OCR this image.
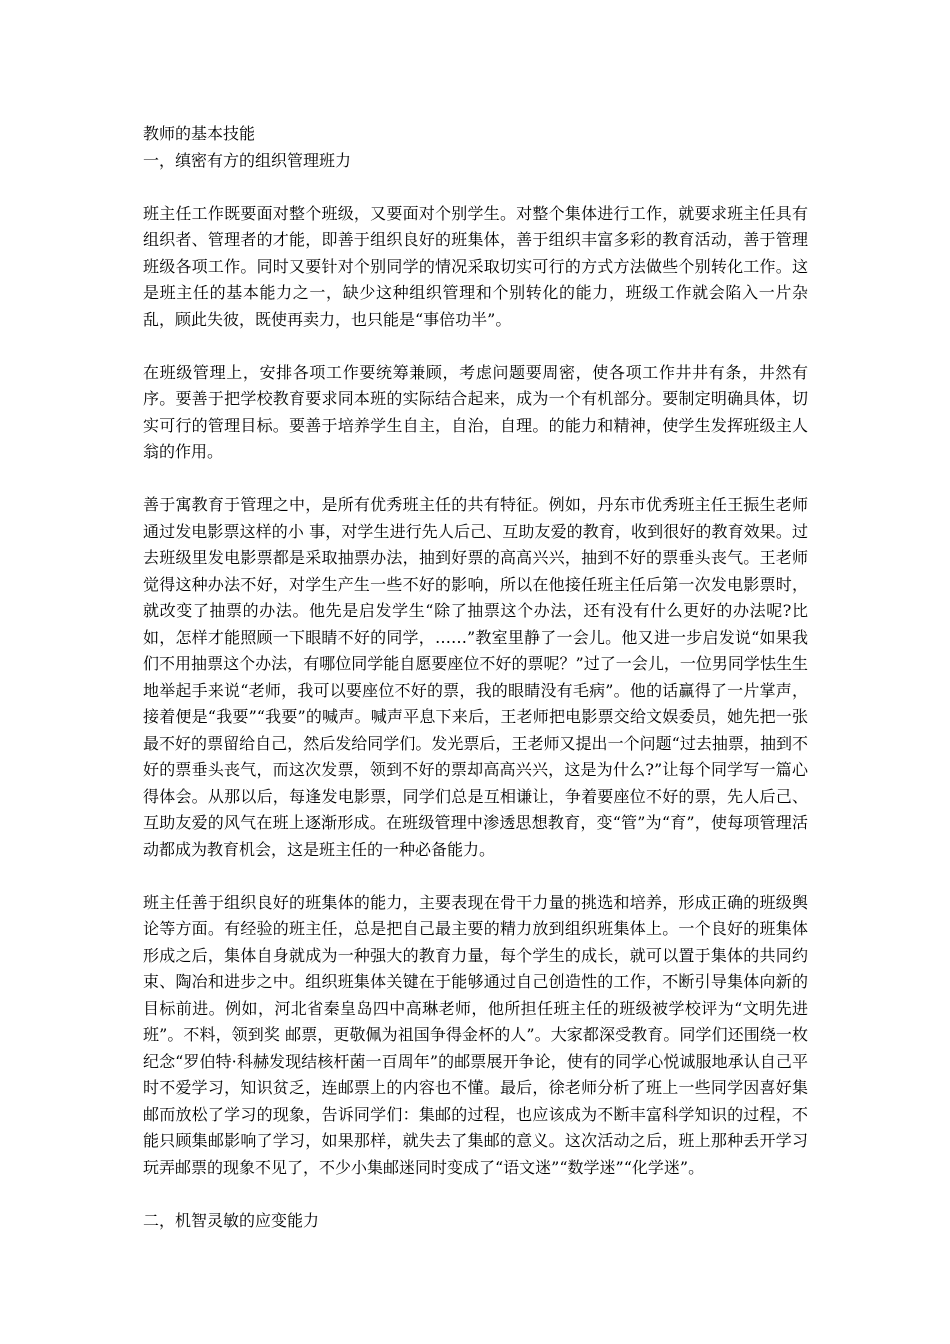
教师的基本技能

一，缜密有方的组织管理班力

班主任工作既要面对整个班级，又要面对个别学生。对整个集体进行工作，就要求班主任具有组织者、管理者的才能，即善于组织良好的班集体，善于组织丰富多彩的教育活动，善于管理班级各项工作。同时又要针对个别同学的情况采取切实可行的方式方法做些个别转化工作。这是班主任的基本能力之一，缺少这种组织管理和个别转化的能力，班级工作就会陷入一片杂乱，顾此失彼，既使再卖力，也只能是“事倍功半”。

在班级管理上，安排各项工作要统筹兼顾，考虑问题要周密，使各项工作井井有条，井然有序。要善于把学校教育要求同本班的实际结合起来，成为一个有机部分。要制定明确具体，切实可行的管理目标。要善于培养学生自主，自治，自理。的能力和精神，使学生发挥班级主人翁的作用。

善于寓教育于管理之中，是所有优秀班主任的共有特征。例如，丹东市优秀班主任王振生老师通过发电影票这样的小 事，对学生进行先人后己、互助友爱的教育，收到很好的教育效果。过去班级里发电影票都是采取抽票办法，抽到好票的高高兴兴，抽到不好的票垂头丧气。王老师觉得这种办法不好，对学生产生一些不好的影响，所以在他接任班主任后第一次发电影票时，就改变了抽票的办法。他先是启发学生“除了抽票这个办法，还有没有什么更好的办法呢?比如，怎样才能照顾一下眼睛不好的同学，……”教室里静了一会儿。他又进一步启发说“如果我们不用抽票这个办法，有哪位同学能自愿要座位不好的票呢？”过了一会儿，一位男同学怯生生地举起手来说“老师，我可以要座位不好的票，我的眼睛没有毛病”。他的话赢得了一片掌声，接着便是“我要”“我要”的喊声。喊声平息下来后，王老师把电影票交给文娱委员，她先把一张最不好的票留给自己，然后发给同学们。发光票后，王老师又提出一个问题“过去抽票，抽到不好的票垂头丧气，而这次发票，领到不好的票却高高兴兴，这是为什么?”让每个同学写一篇心得体会。从那以后，每逢发电影票，同学们总是互相谦让，争着要座位不好的票，先人后己、互助友爱的风气在班上逐渐形成。在班级管理中渗透思想教育，变“管”为“育”，使每项管理活动都成为教育机会，这是班主任的一种必备能力。

班主任善于组织良好的班集体的能力，主要表现在骨干力量的挑选和培养，形成正确的班级舆论等方面。有经验的班主任，总是把自己最主要的精力放到组织班集体上。一个良好的班集体形成之后，集体自身就成为一种强大的教育力量，每个学生的成长，就可以置于集体的共同约束、陶冶和进步之中。组织班集体关键在于能够通过自己创造性的工作，不断引导集体向新的目标前进。例如，河北省秦皇岛四中高琳老师，他所担任班主任的班级被学校评为“文明先进班”。不料，领到奖 邮票，更敬佩为祖国争得金杯的人”。大家都深受教育。同学们还围绕一枚纪念“罗伯特·科赫发现结核杆菌一百周年”的邮票展开争论，使有的同学心悦诚服地承认自己平时不爱学习，知识贫乏，连邮票上的内容也不懂。最后，徐老师分析了班上一些同学因喜好集邮而放松了学习的现象，告诉同学们：集邮的过程，也应该成为不断丰富科学知识的过程，不能只顾集邮影响了学习，如果那样，就失去了集邮的意义。这次活动之后，班上那种丢开学习玩弄邮票的现象不见了，不少小集邮迷同时变成了“语文迷”“数学迷”“化学迷”。

二，机智灵敏的应变能力
